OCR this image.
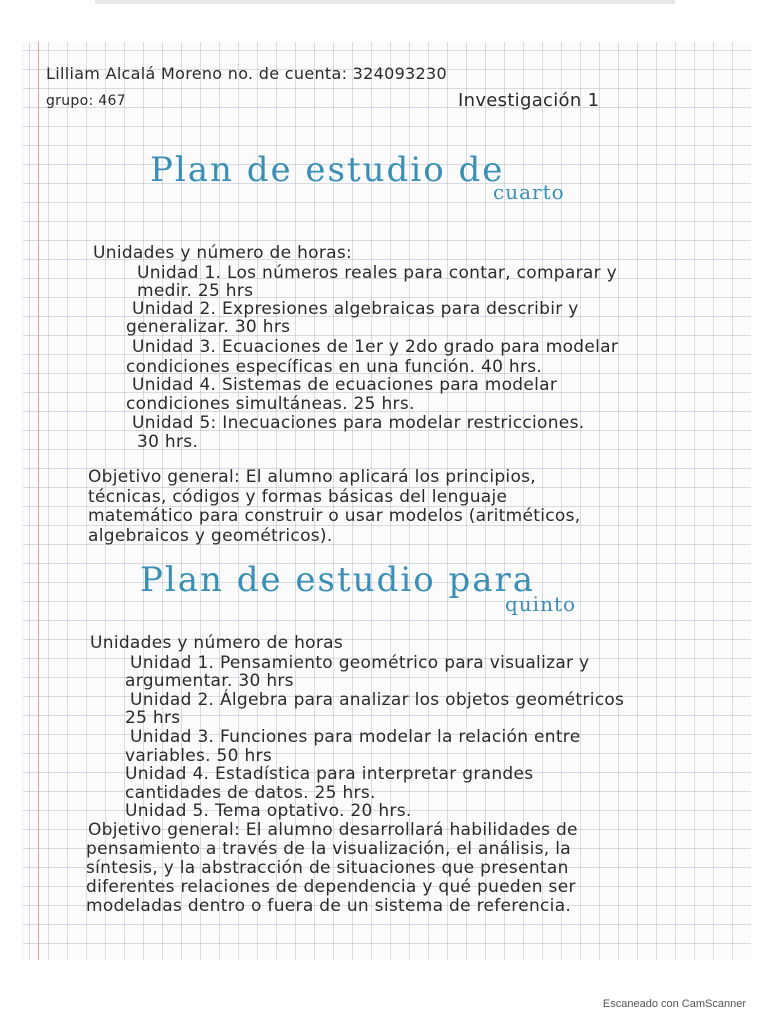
Lilliam Alcalá Moreno no. de cuenta: 324093230
grupo: 467	Investigación 1
Plan de estudio de
cuarto
Unidades y número de horas:
Unidad 1. Los números reales para contar, comparar y
medir. 25 hrs
Unidad 2. Expresiones algebraicas para describir y
generalizar. 30 hrs
Unidad 3. Ecuaciones de 1er y 2do grado para modelar
condiciones específicas en una función. 40 hrs.
Unidad 4. Sistemas de ecuaciones para modelar
condiciones simultáneas. 25 hrs.
Unidad 5: Inecuaciones para modelar restricciones.
30 hrs.
Objetivo general: El alumno aplicará los principios,
técnicas, códigos y formas básicas del lenguaje
matemático para construir o usar modelos (aritméticos,
algebraicos y geométricos).
Plan de estudio para
quinto
Unidades y número de horas
Unidad 1. Pensamiento geométrico para visualizar y
argumentar. 30 hrs
Unidad 2. Álgebra para analizar los objetos geométricos
25 hrs
Unidad 3. Funciones para modelar la relación entre
variables. 50 hrs
Unidad 4. Estadística para interpretar grandes
cantidades de datos. 25 hrs.
Unidad 5. Tema optativo. 20 hrs.
Objetivo general: El alumno desarrollará habilidades de
pensamiento a través de la visualización, el análisis, la
síntesis, y la abstracción de situaciones que presentan
diferentes relaciones de dependencia y qué pueden ser
modeladas dentro o fuera de un sistema de referencia.
Escaneado con CamScanner
